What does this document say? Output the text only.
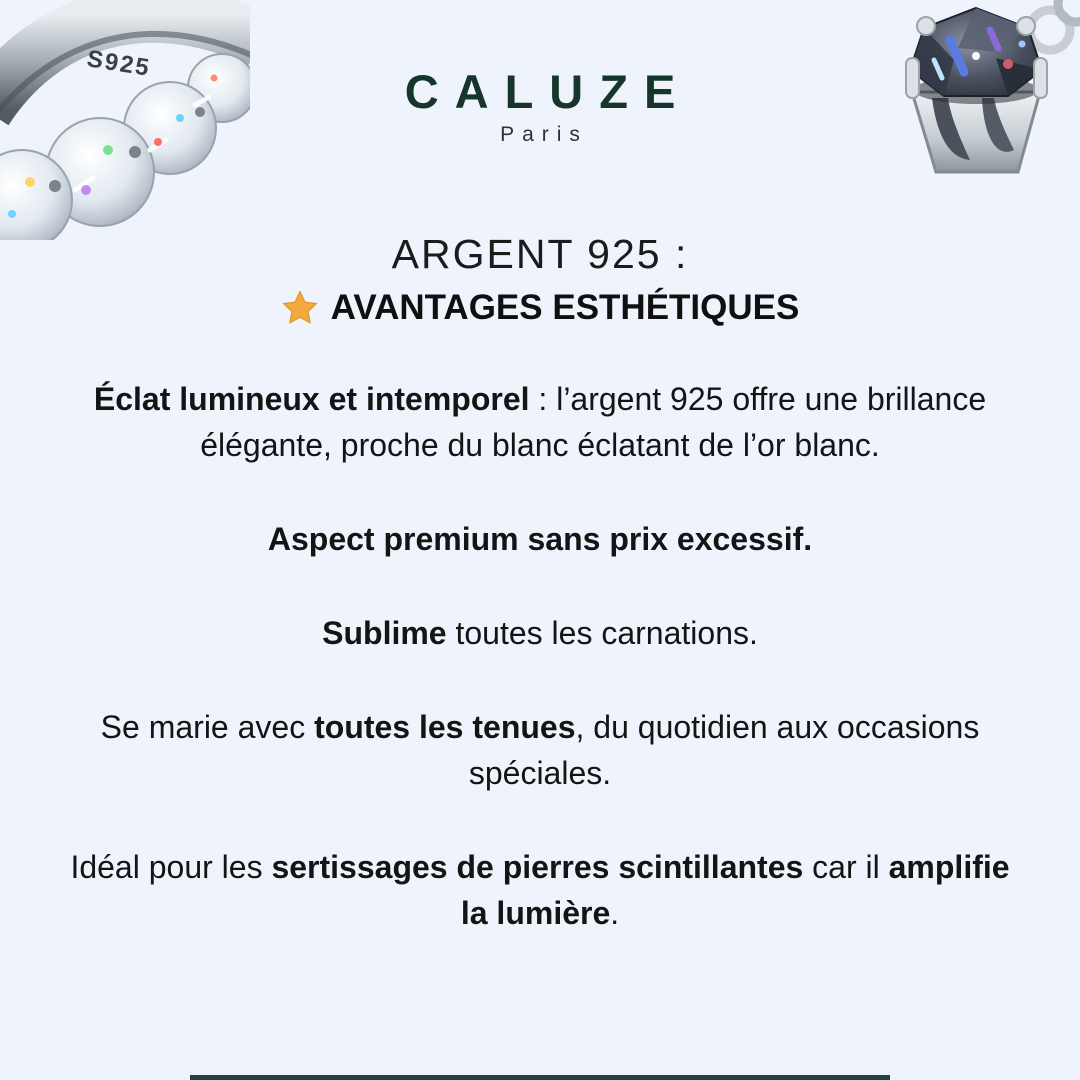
S925
CALUZE
Paris
ARGENT 925 :
AVANTAGES ESTHÉTIQUES

Éclat lumineux et intemporel : l’argent 925 offre une brillance élégante, proche du blanc éclatant de l’or blanc.

Aspect premium sans prix excessif.

Sublime toutes les carnations.

Se marie avec toutes les tenues, du quotidien aux occasions spéciales.

Idéal pour les sertissages de pierres scintillantes car il amplifie la lumière.
